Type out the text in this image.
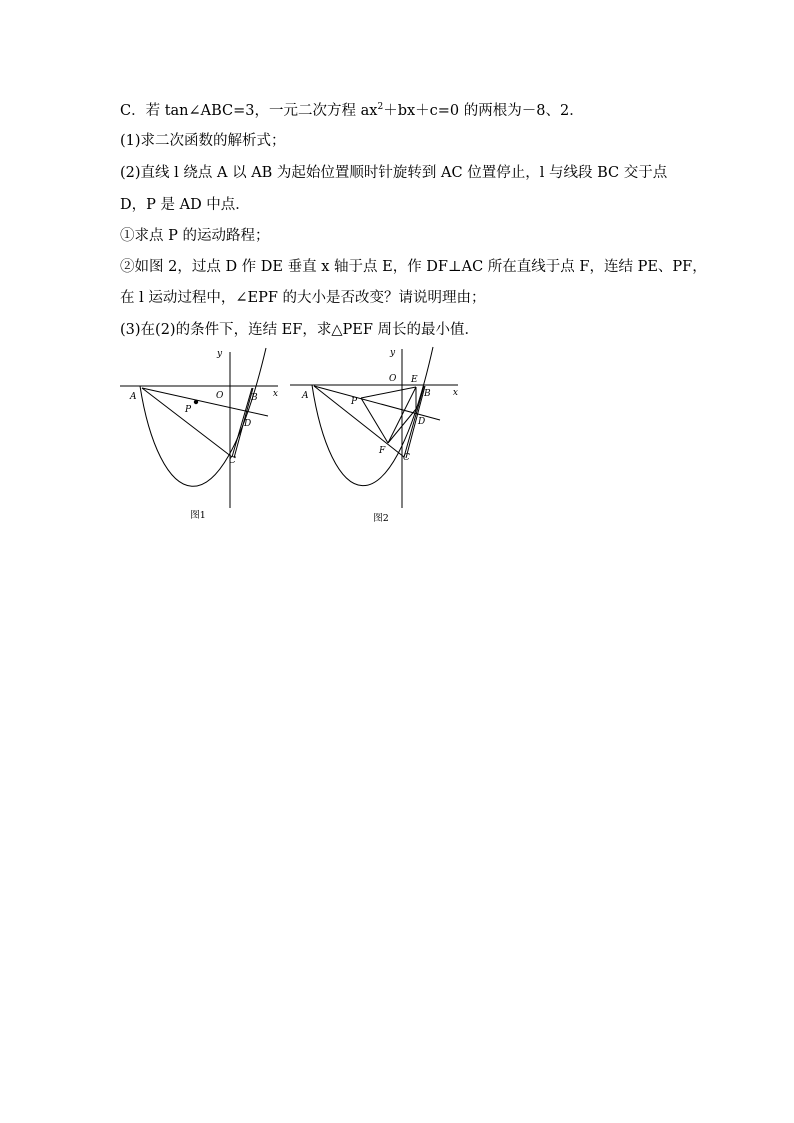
C．若 tan∠ABC=3，一元二次方程 $ax^2+bx+c=0$ 的两根为－8、2．
(1)求二次函数的解析式；
(2)直线 l 绕点 A 以 AB 为起始位置顺时针旋转到 AC 位置停止，l 与线段 BC 交于点
D，P 是 AD 中点．
①求点 P 的运动路程；
②如图 2，过点 D 作 DE 垂直 x 轴于点 E，作 DF⊥AC 所在直线于点 F，连结 PE、PF，
在 l 运动过程中，∠EPF 的大小是否改变？请说明理由；
(3)在(2)的条件下，连结 EF，求△PEF 周长的最小值．
y
x
O
A	B
P
D
C
图1
y
x
O E
A	B
P
D
F
C
图2
